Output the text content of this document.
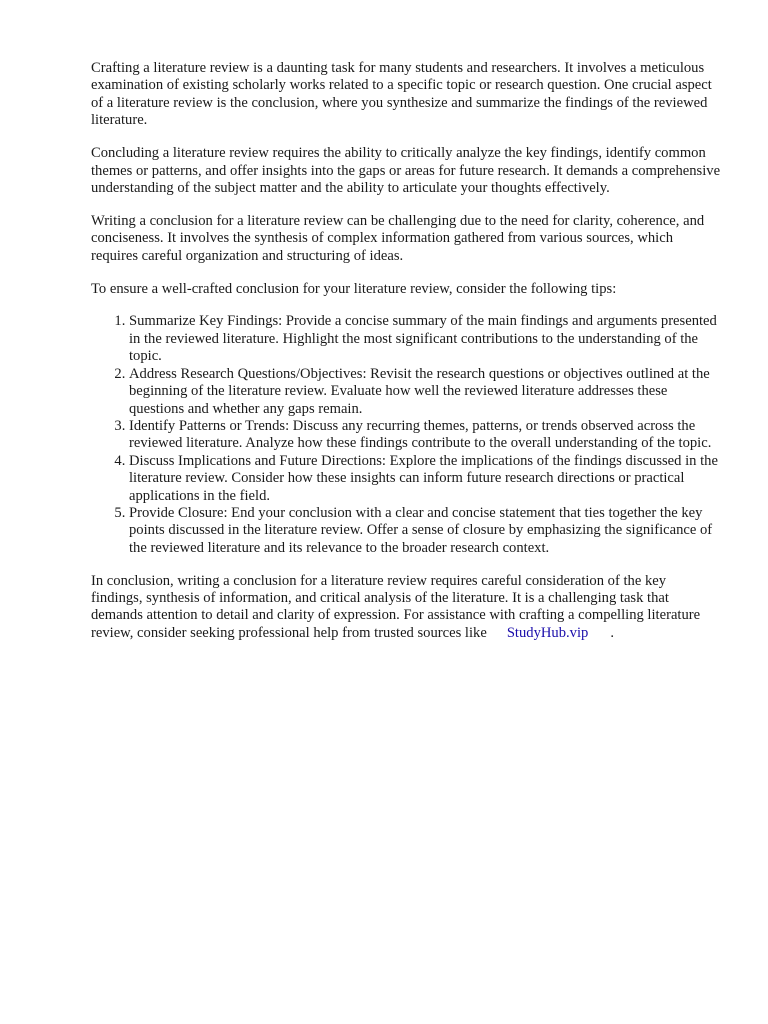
Crafting a literature review is a daunting task for many students and researchers. It involves a meticulous examination of existing scholarly works related to a specific topic or research question. One crucial aspect of a literature review is the conclusion, where you synthesize and summarize the findings of the reviewed literature.

Concluding a literature review requires the ability to critically analyze the key findings, identify common themes or patterns, and offer insights into the gaps or areas for future research. It demands a comprehensive understanding of the subject matter and the ability to articulate your thoughts effectively.

Writing a conclusion for a literature review can be challenging due to the need for clarity, coherence, and conciseness. It involves the synthesis of complex information gathered from various sources, which requires careful organization and structuring of ideas.

To ensure a well-crafted conclusion for your literature review, consider the following tips:

1. Summarize Key Findings: Provide a concise summary of the main findings and arguments presented in the reviewed literature. Highlight the most significant contributions to the understanding of the topic.
2. Address Research Questions/Objectives: Revisit the research questions or objectives outlined at the beginning of the literature review. Evaluate how well the reviewed literature addresses these questions and whether any gaps remain.
3. Identify Patterns or Trends: Discuss any recurring themes, patterns, or trends observed across the reviewed literature. Analyze how these findings contribute to the overall understanding of the topic.
4. Discuss Implications and Future Directions: Explore the implications of the findings discussed in the literature review. Consider how these insights can inform future research directions or practical applications in the field.
5. Provide Closure: End your conclusion with a clear and concise statement that ties together the key points discussed in the literature review. Offer a sense of closure by emphasizing the significance of the reviewed literature and its relevance to the broader research context.

In conclusion, writing a conclusion for a literature review requires careful consideration of the key findings, synthesis of information, and critical analysis of the literature. It is a challenging task that demands attention to detail and clarity of expression. For assistance with crafting a compelling literature review, consider seeking professional help from trusted sources like StudyHub.vip .
